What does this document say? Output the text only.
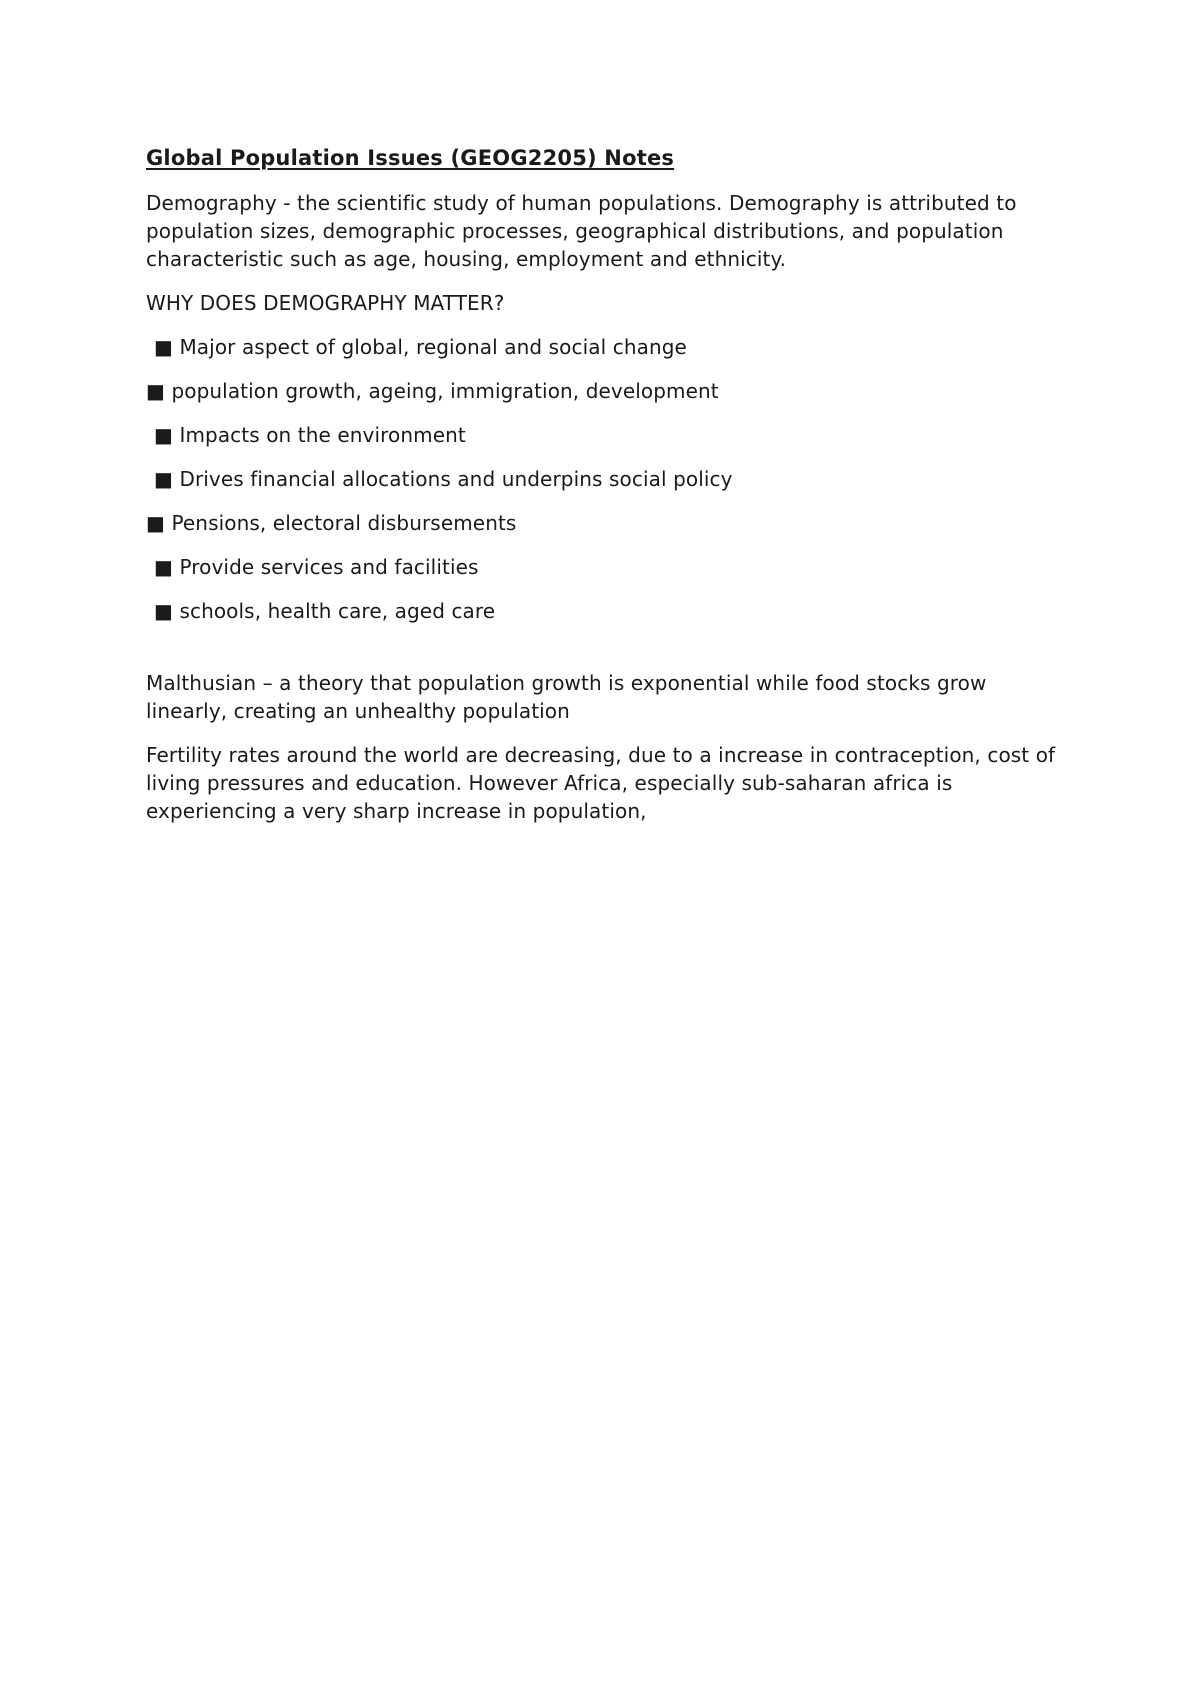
Global Population Issues (GEOG2205) Notes

Demography - the scientific study of human populations. Demography is attributed to population sizes, demographic processes, geographical distributions, and population characteristic such as age, housing, employment and ethnicity.

WHY DOES DEMOGRAPHY MATTER?

■ Major aspect of global, regional and social change
■ population growth, ageing, immigration, development
■ Impacts on the environment
■ Drives financial allocations and underpins social policy
■ Pensions, electoral disbursements
■ Provide services and facilities
■ schools, health care, aged care

Malthusian – a theory that population growth is exponential while food stocks grow linearly, creating an unhealthy population

Fertility rates around the world are decreasing, due to a increase in contraception, cost of living pressures and education. However Africa, especially sub-saharan africa is experiencing a very sharp increase in population,
